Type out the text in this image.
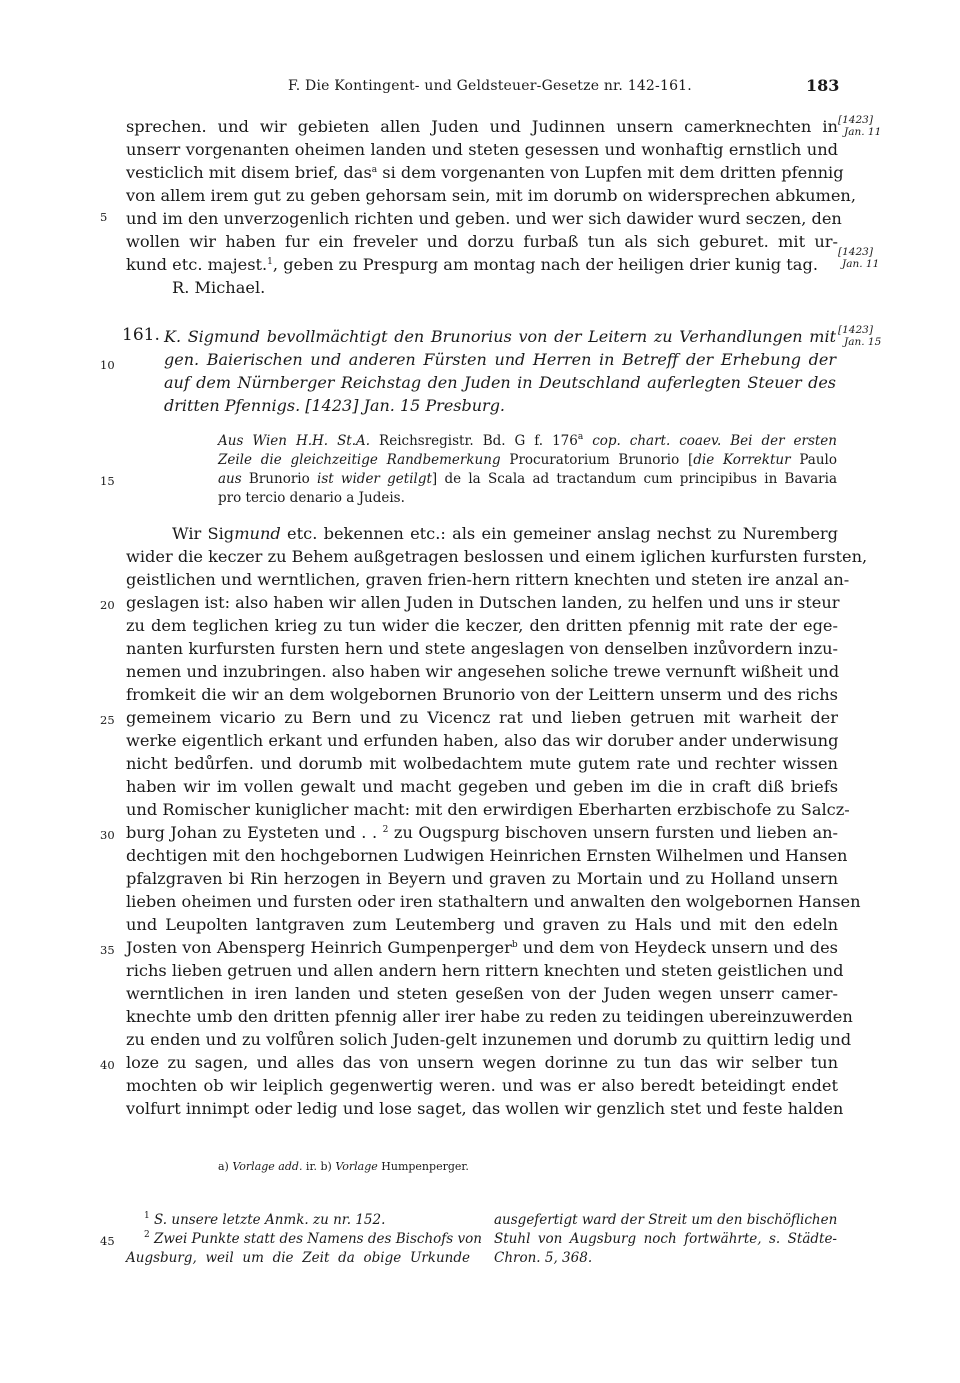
F. Die Kontingent- und Geldsteuer-Gesetze nr. 142-161.	183
sprechen. und wir gebieten allen Juden und Judinnen unsern camerknechten in
unserr vorgenanten oheimen landen und steten gesessen und wonhaftig ernstlich und
vesticlich mit disem brief, das$^a$ si dem vorgenanten von Lupfen mit dem dritten pfennig
von allem irem gut zu geben gehorsam sein, mit im dorumb on widersprechen abkumen,
und im den unverzogenlich richten und geben. und wer sich dawider wurd seczen, den
wollen wir haben fur ein freveler und dorzu furbaß tun als sich geburet. mit ur-
kund etc. majest.$^1$, geben zu Prespurg am montag nach der heiligen drier kunig tag.
R. Michael.
[1423]
Jan. 11
[1423]
Jan. 11
161. K. Sigmund bevollmächtigt den Brunorius von der Leitern zu Verhandlungen mit
gen. Baierischen und anderen Fürsten und Herren in Betreff der Erhebung der
auf dem Nürnberger Reichstag den Juden in Deutschland auferlegten Steuer des
dritten Pfennigs. [1423] Jan. 15 Presburg.
[1423]
Jan. 15
Aus Wien H.H. St.A. Reichsregistr. Bd. G f. 176$^a$ cop. chart. coaev. Bei der ersten
Zeile die gleichzeitige Randbemerkung Procuratorium Brunorio [die Korrektur Paulo
aus Brunorio ist wider getilgt] de la Scala ad tractandum cum principibus in Bavaria
pro tercio denario a Judeis.
Wir Sigmund etc. bekennen etc.: als ein gemeiner anslag nechst zu Nuremberg
wider die keczer zu Behem außgetragen beslossen und einem iglichen kurfursten fursten,
geistlichen und werntlichen, graven frien-hern rittern knechten und steten ire anzal an-
geslagen ist: also haben wir allen Juden in Dutschen landen, zu helfen und uns ir steur
zu dem teglichen krieg zu tun wider die keczer, den dritten pfennig mit rate der ege-
nanten kurfursten fursten hern und stete angeslagen von denselben inzůvordern inzu-
nemen und inzubringen. also haben wir angesehen soliche trewe vernunft wißheit und
fromkeit die wir an dem wolgebornen Brunorio von der Leittern unserm und des richs
gemeinem vicario zu Bern und zu Vicencz rat und lieben getruen mit warheit der
werke eigentlich erkant und erfunden haben, also das wir doruber ander underwisung
nicht bedůrfen. und dorumb mit wolbedachtem mute gutem rate und rechter wissen
haben wir im vollen gewalt und macht gegeben und geben im die in craft diß briefs
und Romischer kuniglicher macht: mit den erwirdigen Eberharten erzbischofe zu Salcz-
burg Johan zu Eysteten und . . $^2$ zu Ougspurg bischoven unsern fursten und lieben an-
dechtigen mit den hochgebornen Ludwigen Heinrichen Ernsten Wilhelmen und Hansen
pfalzgraven bi Rin herzogen in Beyern und graven zu Mortain und zu Holland unsern
lieben oheimen und fursten oder iren stathaltern und anwalten den wolgebornen Hansen
und Leupolten lantgraven zum Leutemberg und graven zu Hals und mit den edeln
Josten von Abensperg Heinrich Gumpenperger$^b$ und dem von Heydeck unsern und des
richs lieben getruen und allen andern hern rittern knechten und steten geistlichen und
werntlichen in iren landen und steten geseßen von der Juden wegen unserr camer-
knechte umb den dritten pfennig aller irer habe zu reden zu teidingen ubereinzuwerden
zu enden und zu volfůren solich Juden-gelt inzunemen und dorumb zu quittirn ledig und
loze zu sagen, und alles das von unsern wegen dorinne zu tun das wir selber tun
mochten ob wir leiplich gegenwertig weren. und was er also beredt beteidingt endet
volfurt innimpt oder ledig und lose saget, das wollen wir genzlich stet und feste halden
5
10
15
20
25
30
35
40
45
a) Vorlage add. ir. b) Vorlage Humpenperger.
$^1$ S. unsere letzte Anmk. zu nr. 152.
$^2$ Zwei Punkte statt des Namens des Bischofs von
Augsburg, weil um die Zeit da obige Urkunde
ausgefertigt ward der Streit um den bischöflichen
Stuhl von Augsburg noch fortwährte, s. Städte-
Chron. 5, 368.
